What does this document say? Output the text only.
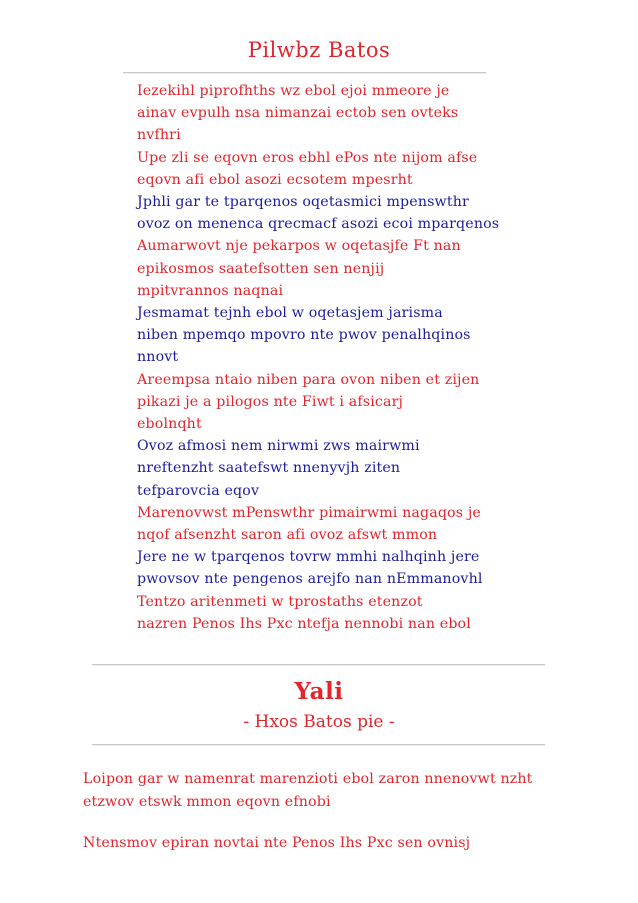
Pilwbz Batos
Iezekihl piprofhths wz ebol ejoi mmeore je
ainav evpulh nsa nimanzai ectob sen ovteks
nvfhri
Upe zli se eqovn eros ebhl ePos nte nijom afse
eqovn afi ebol asozi ecsotem mpesrht
Jphli gar te tparqenos oqetasmici mpenswthr
ovoz on menenca qrecmacf asozi ecoi mparqenos
Aumarwovt nje pekarpos w oqetasjfe Ft nan
epikosmos saatefsotten sen nenjij
mpitvrannos naqnai
Jesmamat tejnh ebol w oqetasjem jarisma
niben mpemqo mpovro nte pwov penalhqinos
nnovt
Areempsa ntaio niben para ovon niben et zijen
pikazi je a pilogos nte Fiwt i afsicarj
ebolnqht
Ovoz afmosi nem nirwmi zws mairwmi
nreftenzht saatefswt nnenyvjh ziten
tefparovcia eqov
Marenovwst mPenswthr pimairwmi nagaqos je
nqof afsenzht saron afi ovoz afswt mmon
Jere ne w tparqenos tovrw mmhi nalhqinh jere
pwovsov nte pengenos arejfo nan nEmmanovhl
Tentzo aritenmeti w tprostaths etenzot
nazren Penos Ihs Pxc ntefja nennobi nan ebol
Yali
- Hxos Batos pie -
Loipon gar w namenrat marenzioti ebol zaron nnenovwt nzht
etzwov etswk mmon eqovn efnobi
Ntensmov epiran novtai nte Penos Ihs Pxc sen ovnisj
